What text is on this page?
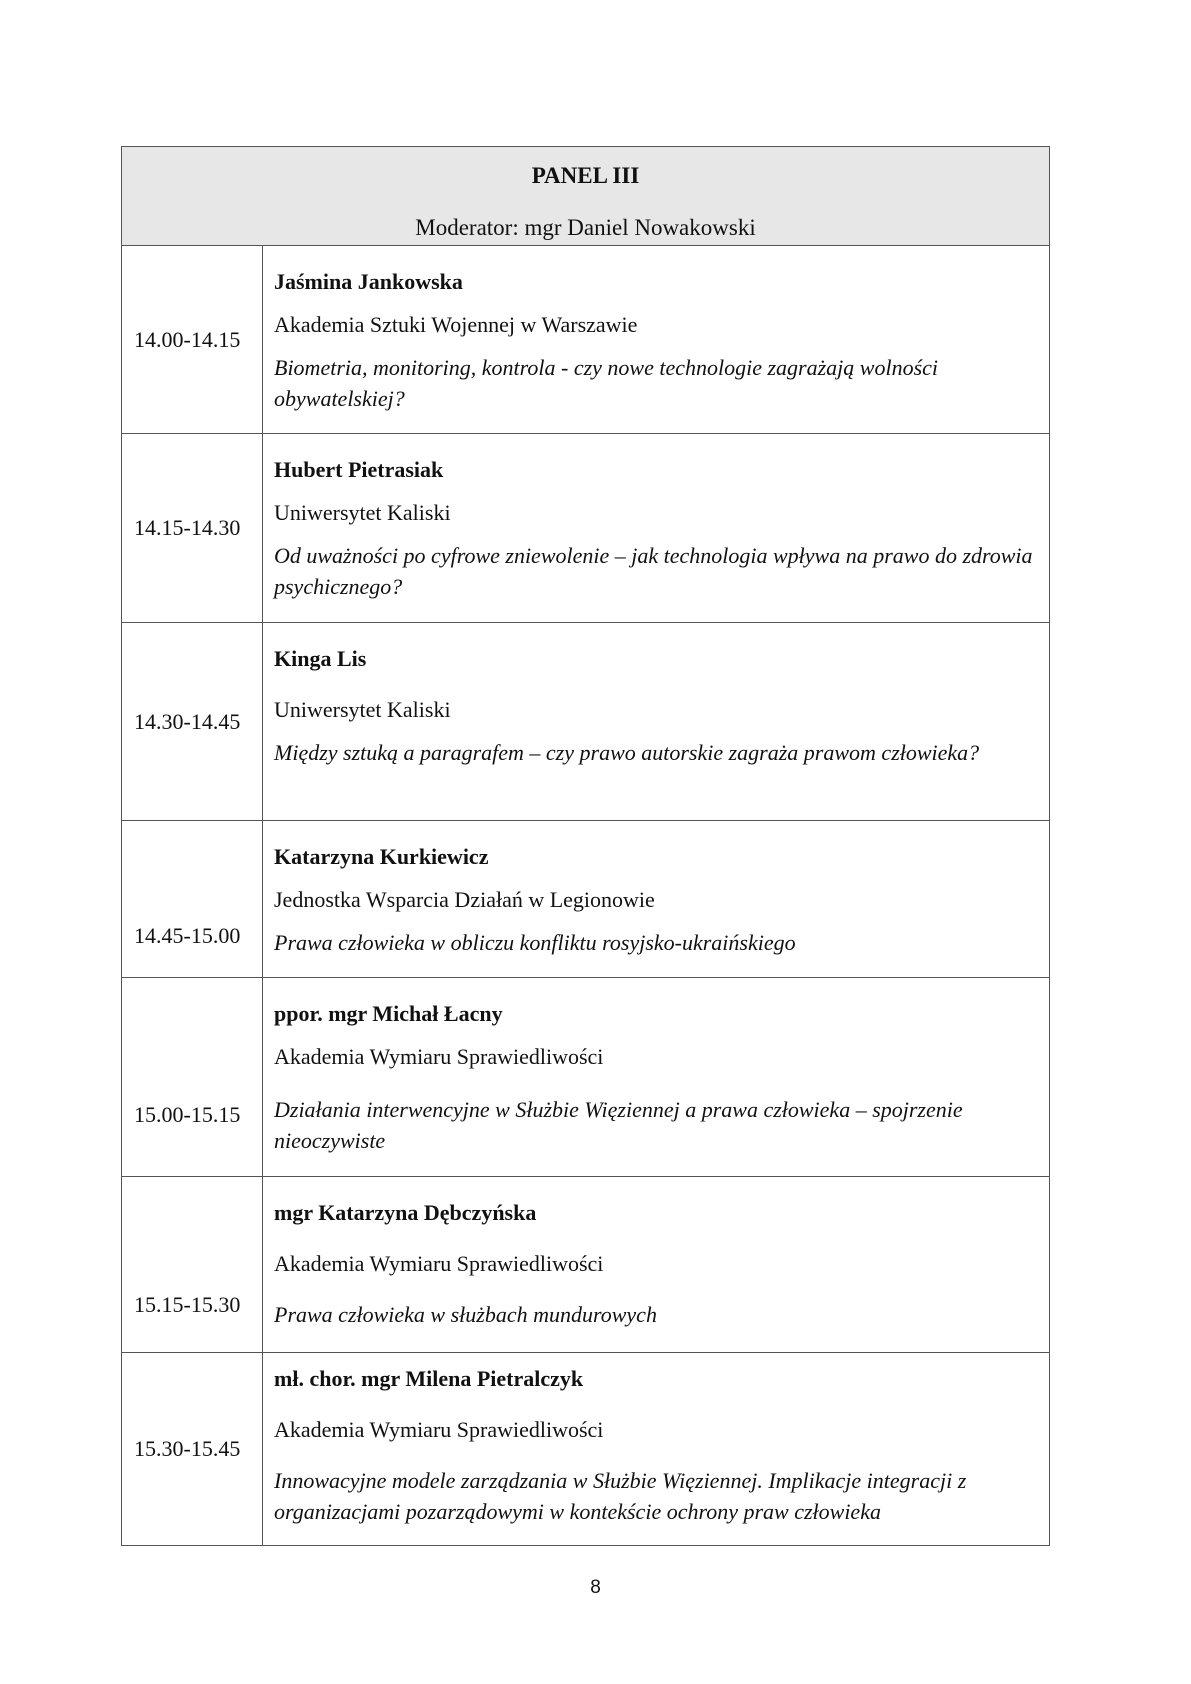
PANEL III
Moderator: mgr Daniel Nowakowski	

14.00-14.15	Jaśmina Jankowska
Akademia Sztuki Wojennej w Warszawie
Biometria, monitoring, kontrola - czy nowe technologie zagrażają wolności obywatelskiej?

14.15-14.30	Hubert Pietrasiak
Uniwersytet Kaliski
Od uważności po cyfrowe zniewolenie – jak technologia wpływa na prawo do zdrowia psychicznego?

14.30-14.45	Kinga Lis
Uniwersytet Kaliski
Między sztuką a paragrafem – czy prawo autorskie zagraża prawom człowieka?

14.45-15.00	Katarzyna Kurkiewicz
Jednostka Wsparcia Działań w Legionowie
Prawa człowieka w obliczu konfliktu rosyjsko-ukraińskiego

15.00-15.15	ppor. mgr Michał Łacny
Akademia Wymiaru Sprawiedliwości
Działania interwencyjne w Służbie Więziennej a prawa człowieka – spojrzenie nieoczywiste

15.15-15.30	mgr Katarzyna Dębczyńska
Akademia Wymiaru Sprawiedliwości
Prawa człowieka w służbach mundurowych

15.30-15.45	mł. chor. mgr Milena Pietralczyk
Akademia Wymiaru Sprawiedliwości
Innowacyjne modele zarządzania w Służbie Więziennej. Implikacje integracji z organizacjami pozarządowymi w kontekście ochrony praw człowieka
8
